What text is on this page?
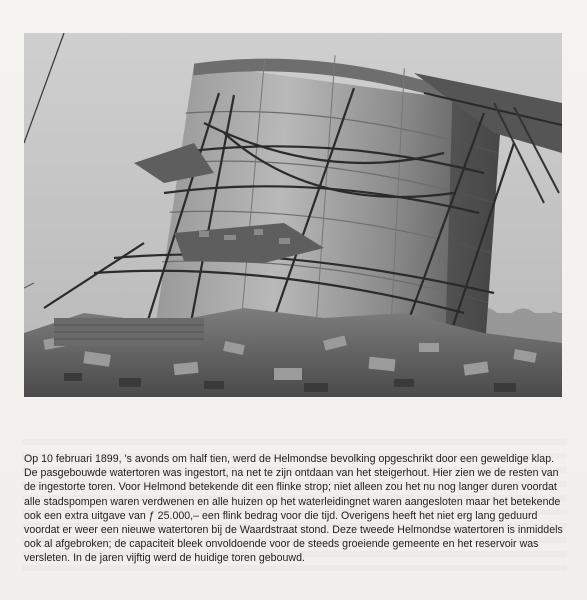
Op 10 februari 1899, 's avonds om half tien, werd de Helmondse bevolking opgeschrikt door een geweldige klap. De pasgebouwde watertoren was ingestort, na net te zijn ontdaan van het steigerhout. Hier zien we de resten van de ingestorte toren. Voor Helmond betekende dit een flinke strop; niet alleen zou het nu nog langer duren voordat alle stadspompen waren verdwenen en alle huizen op het waterleidingnet waren aangesloten maar het betekende ook een extra uitgave van ƒ 25.000,– een flink bedrag voor die tijd. Overigens heeft het niet erg lang geduurd voordat er weer een nieuwe watertoren bij de Waardstraat stond. Deze tweede Helmondse watertoren is inmiddels ook al afgebroken; de capaciteit bleek onvoldoende voor de steeds groeiende gemeente en het reservoir was versleten. In de jaren vijftig werd de huidige toren gebouwd.
